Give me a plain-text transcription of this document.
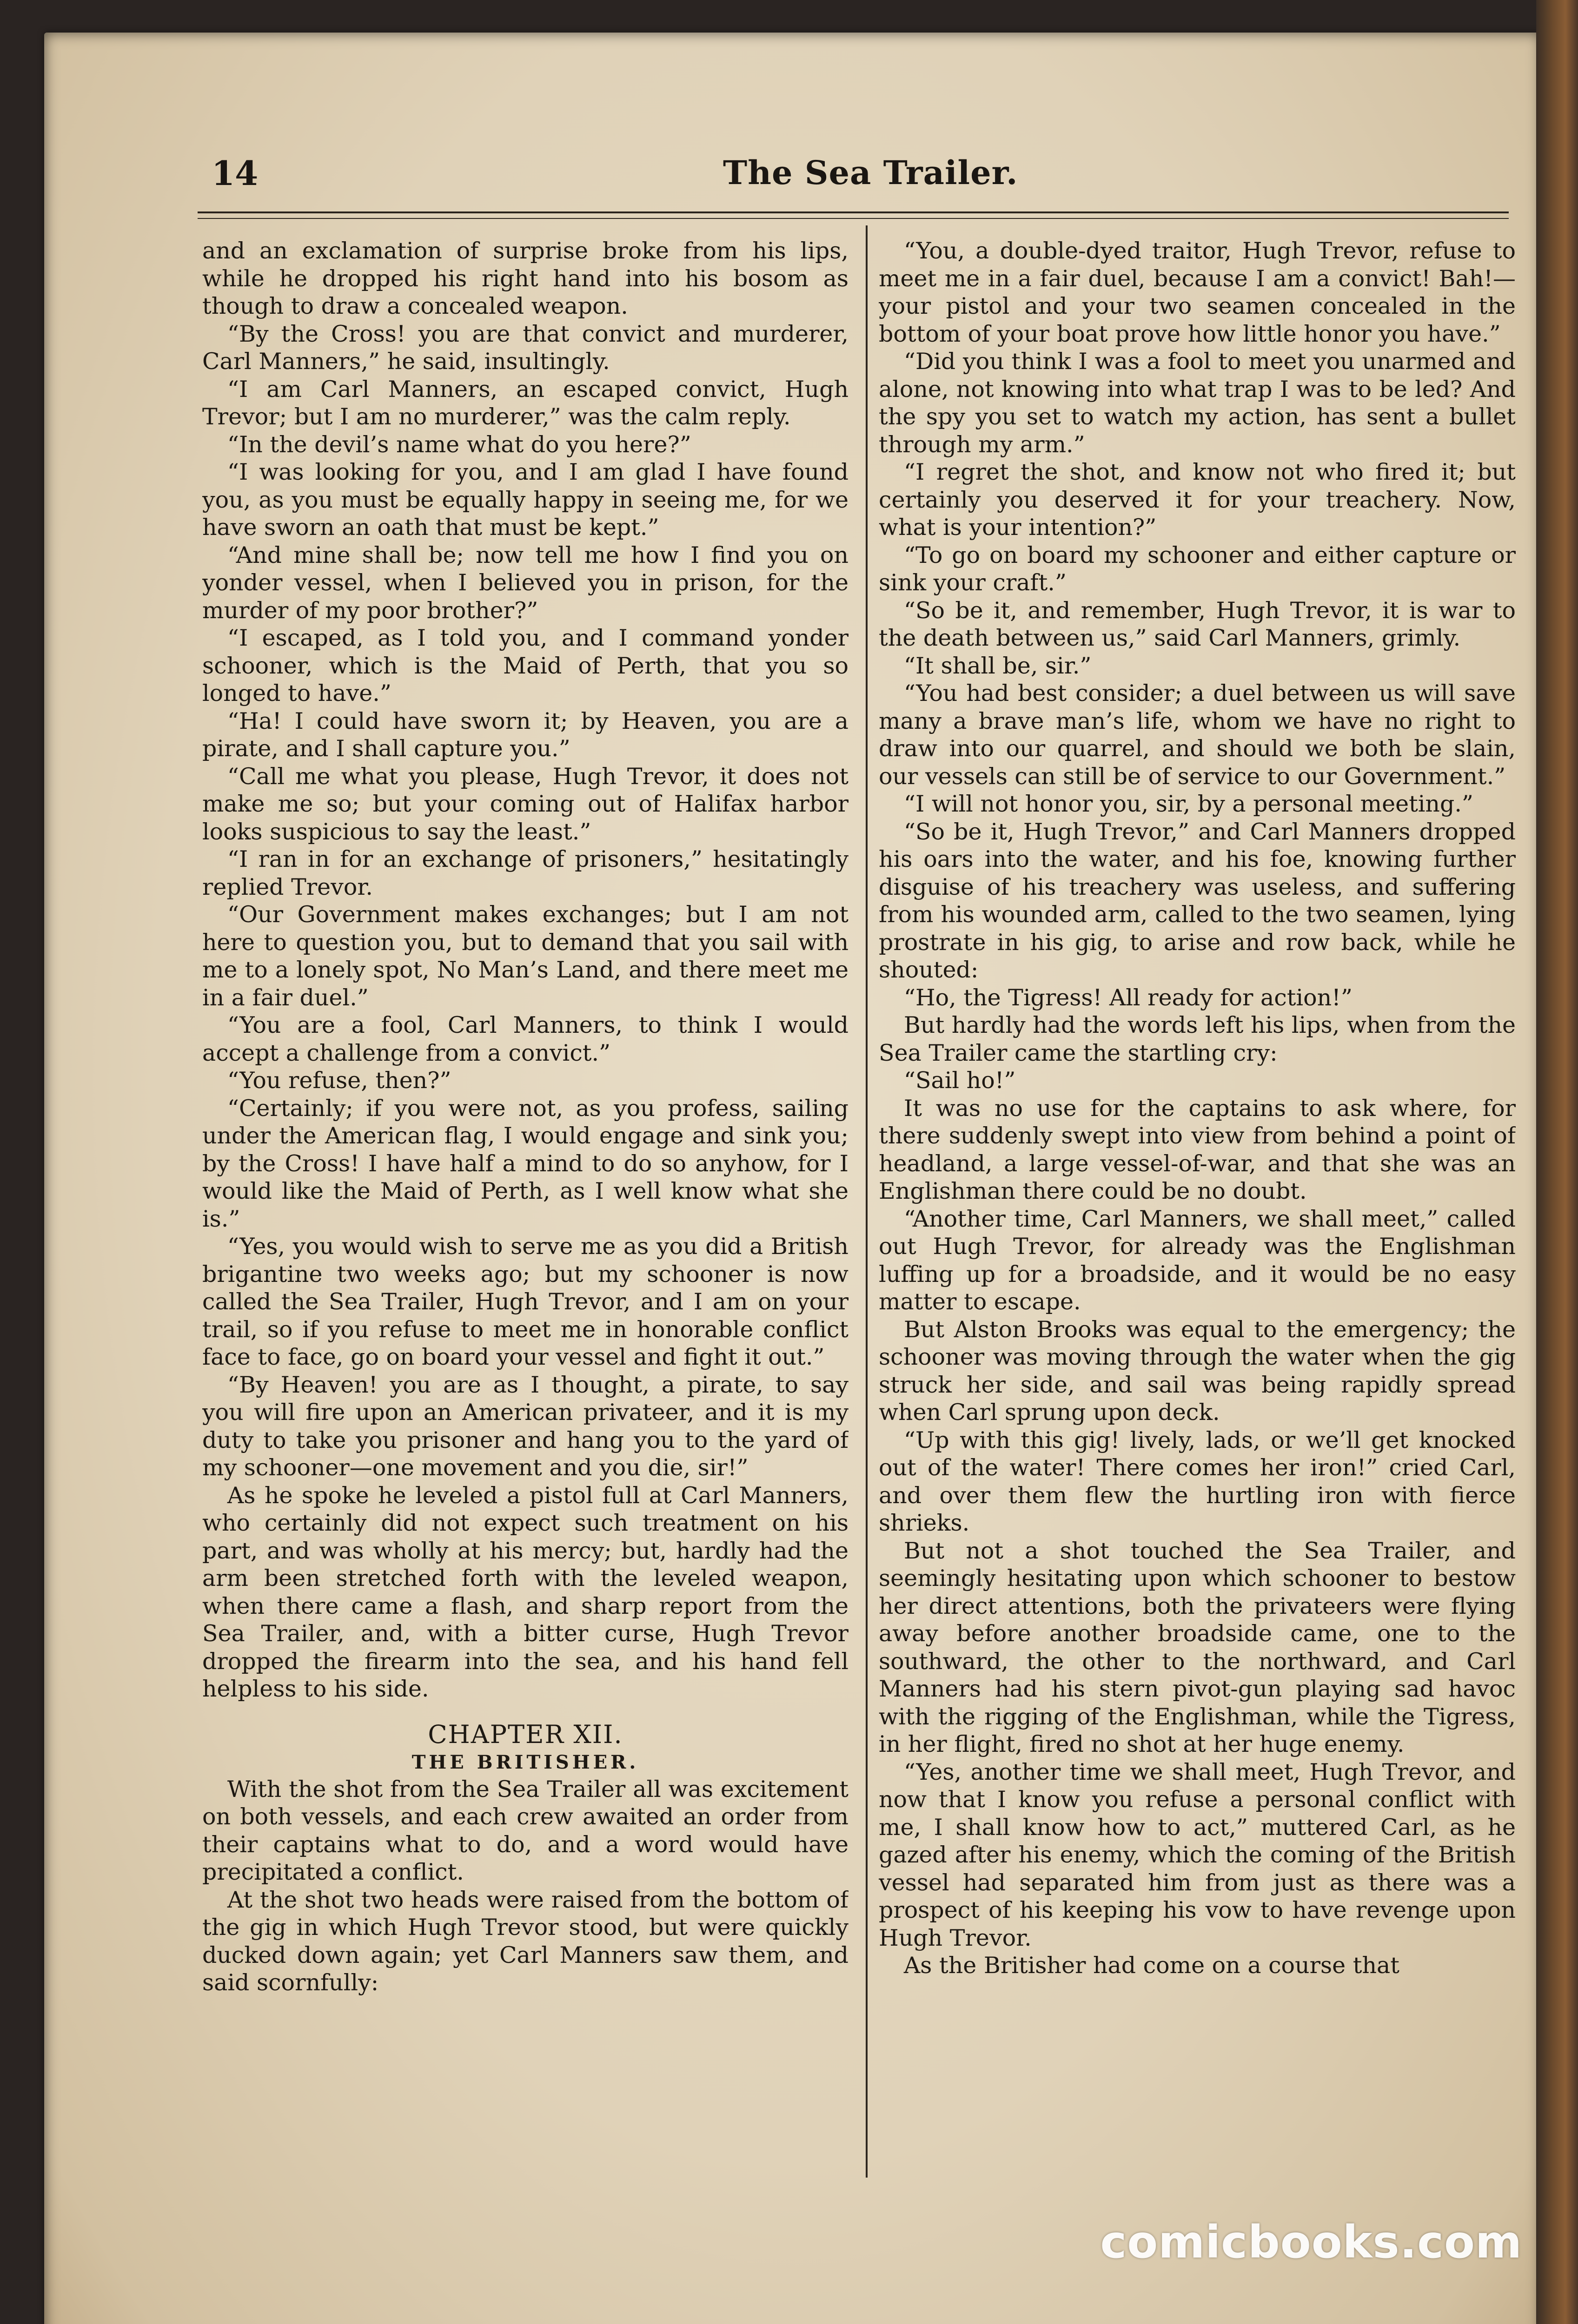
14	The Sea Trailer.

and an exclamation of surprise broke from his lips, while he dropped his right hand into his bosom as though to draw a concealed weapon.

“By the Cross! you are that convict and murderer, Carl Manners,” he said, insultingly.

“I am Carl Manners, an escaped convict, Hugh Trevor; but I am no murderer,” was the calm reply.

“In the devil’s name what do you here?”

“I was looking for you, and I am glad I have found you, as you must be equally happy in seeing me, for we have sworn an oath that must be kept.”

“And mine shall be; now tell me how I find you on yonder vessel, when I believed you in prison, for the murder of my poor brother?”

“I escaped, as I told you, and I command yonder schooner, which is the Maid of Perth, that you so longed to have.”

“Ha! I could have sworn it; by Heaven, you are a pirate, and I shall capture you.”

“Call me what you please, Hugh Trevor, it does not make me so; but your coming out of Halifax harbor looks suspicious to say the least.”

“I ran in for an exchange of prisoners,” hesitatingly replied Trevor.

“Our Government makes exchanges; but I am not here to question you, but to demand that you sail with me to a lonely spot, No Man’s Land, and there meet me in a fair duel.”

“You are a fool, Carl Manners, to think I would accept a challenge from a convict.”

“You refuse, then?”

“Certainly; if you were not, as you profess, sailing under the American flag, I would engage and sink you; by the Cross! I have half a mind to do so anyhow, for I would like the Maid of Perth, as I well know what she is.”

“Yes, you would wish to serve me as you did a British brigantine two weeks ago; but my schooner is now called the Sea Trailer, Hugh Trevor, and I am on your trail, so if you refuse to meet me in honorable conflict face to face, go on board your vessel and fight it out.”

“By Heaven! you are as I thought, a pirate, to say you will fire upon an American privateer, and it is my duty to take you prisoner and hang you to the yard of my schooner—one movement and you die, sir!”

As he spoke he leveled a pistol full at Carl Manners, who certainly did not expect such treatment on his part, and was wholly at his mercy; but, hardly had the arm been stretched forth with the leveled weapon, when there came a flash, and sharp report from the Sea Trailer, and, with a bitter curse, Hugh Trevor dropped the firearm into the sea, and his hand fell helpless to his side.

CHAPTER XII.
THE BRITISHER.

With the shot from the Sea Trailer all was excitement on both vessels, and each crew awaited an order from their captains what to do, and a word would have precipitated a conflict.

At the shot two heads were raised from the bottom of the gig in which Hugh Trevor stood, but were quickly ducked down again; yet Carl Manners saw them, and said scornfully:

“You, a double-dyed traitor, Hugh Trevor, refuse to meet me in a fair duel, because I am a convict! Bah!—your pistol and your two seamen concealed in the bottom of your boat prove how little honor you have.”

“Did you think I was a fool to meet you unarmed and alone, not knowing into what trap I was to be led? And the spy you set to watch my action, has sent a bullet through my arm.”

“I regret the shot, and know not who fired it; but certainly you deserved it for your treachery. Now, what is your intention?”

“To go on board my schooner and either capture or sink your craft.”

“So be it, and remember, Hugh Trevor, it is war to the death between us,” said Carl Manners, grimly.

“It shall be, sir.”

“You had best consider; a duel between us will save many a brave man’s life, whom we have no right to draw into our quarrel, and should we both be slain, our vessels can still be of service to our Government.”

“I will not honor you, sir, by a personal meeting.”

“So be it, Hugh Trevor,” and Carl Manners dropped his oars into the water, and his foe, knowing further disguise of his treachery was useless, and suffering from his wounded arm, called to the two seamen, lying prostrate in his gig, to arise and row back, while he shouted:

“Ho, the Tigress! All ready for action!”

But hardly had the words left his lips, when from the Sea Trailer came the startling cry:

“Sail ho!”

It was no use for the captains to ask where, for there suddenly swept into view from behind a point of headland, a large vessel-of-war, and that she was an Englishman there could be no doubt.

“Another time, Carl Manners, we shall meet,” called out Hugh Trevor, for already was the Englishman luffing up for a broadside, and it would be no easy matter to escape.

But Alston Brooks was equal to the emergency; the schooner was moving through the water when the gig struck her side, and sail was being rapidly spread when Carl sprung upon deck.

“Up with this gig! lively, lads, or we’ll get knocked out of the water! There comes her iron!” cried Carl, and over them flew the hurtling iron with fierce shrieks.

But not a shot touched the Sea Trailer, and seemingly hesitating upon which schooner to bestow her direct attentions, both the privateers were flying away before another broadside came, one to the southward, the other to the northward, and Carl Manners had his stern pivot-gun playing sad havoc with the rigging of the Englishman, while the Tigress, in her flight, fired no shot at her huge enemy.

“Yes, another time we shall meet, Hugh Trevor, and now that I know you refuse a personal conflict with me, I shall know how to act,” muttered Carl, as he gazed after his enemy, which the coming of the British vessel had separated him from just as there was a prospect of his keeping his vow to have revenge upon Hugh Trevor.

As the Britisher had come on a course that

comicbooks.com
